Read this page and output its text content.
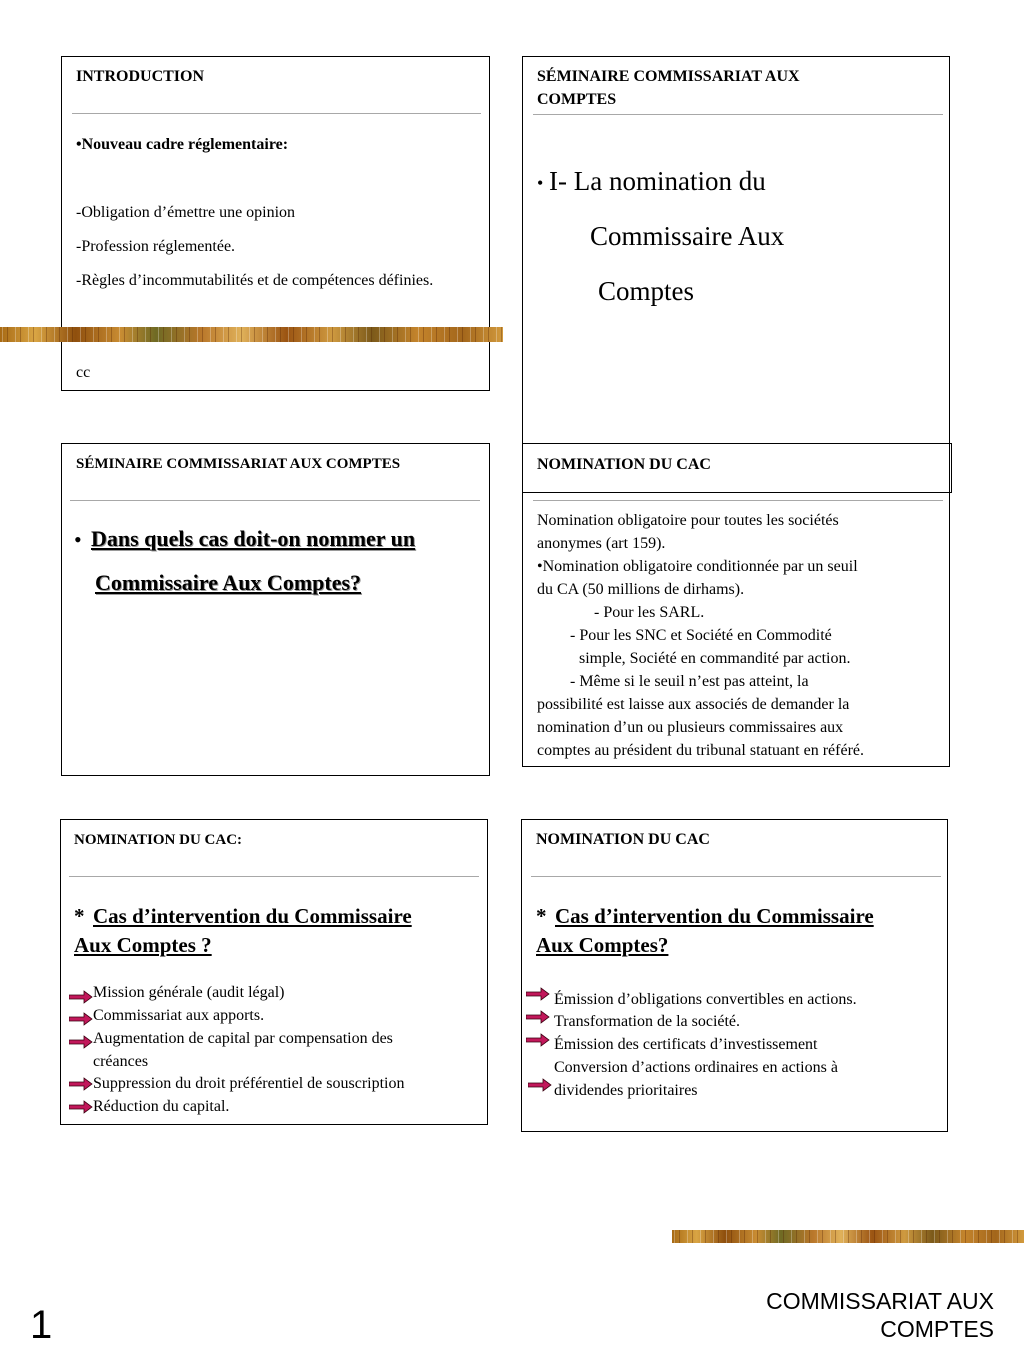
INTRODUCTION
•Nouveau cadre réglementaire:
-Obligation d’émettre une opinion
-Profession réglementée.
-Règles d’incommutabilités et de compétences définies.
cc
SÉMINAIRE COMMISSARIAT AUX COMPTES
• I- La nomination du
Commissaire Aux
Comptes
SÉMINAIRE COMMISSARIAT AUX COMPTES
• Dans quels cas doit-on nommer un
Commissaire Aux Comptes?
NOMINATION DU CAC
Nomination obligatoire pour toutes les sociétés
anonymes (art 159).
•Nomination obligatoire conditionnée par un seuil
du CA (50 millions de dirhams).
- Pour les SARL.
- Pour les SNC et Société en Commodité
simple, Société en commandité par action.
- Même si le seuil n’est pas atteint, la
possibilité est laisse aux associés de demander la
nomination d’un ou plusieurs commissaires aux
comptes au président du tribunal statuant en référé.
NOMINATION DU CAC:
* Cas d’intervention du Commissaire
Aux Comptes ?
Mission générale (audit légal)
Commissariat aux apports.
Augmentation de capital par compensation des
créances
Suppression du droit préférentiel de souscription
Réduction du capital.
NOMINATION DU CAC
* Cas d’intervention du Commissaire
Aux Comptes?
Émission d’obligations convertibles en actions.
Transformation de la société.
Émission des certificats d’investissement
Conversion d’actions ordinaires en actions à
dividendes prioritaires
1
COMMISSARIAT AUX
COMPTES
